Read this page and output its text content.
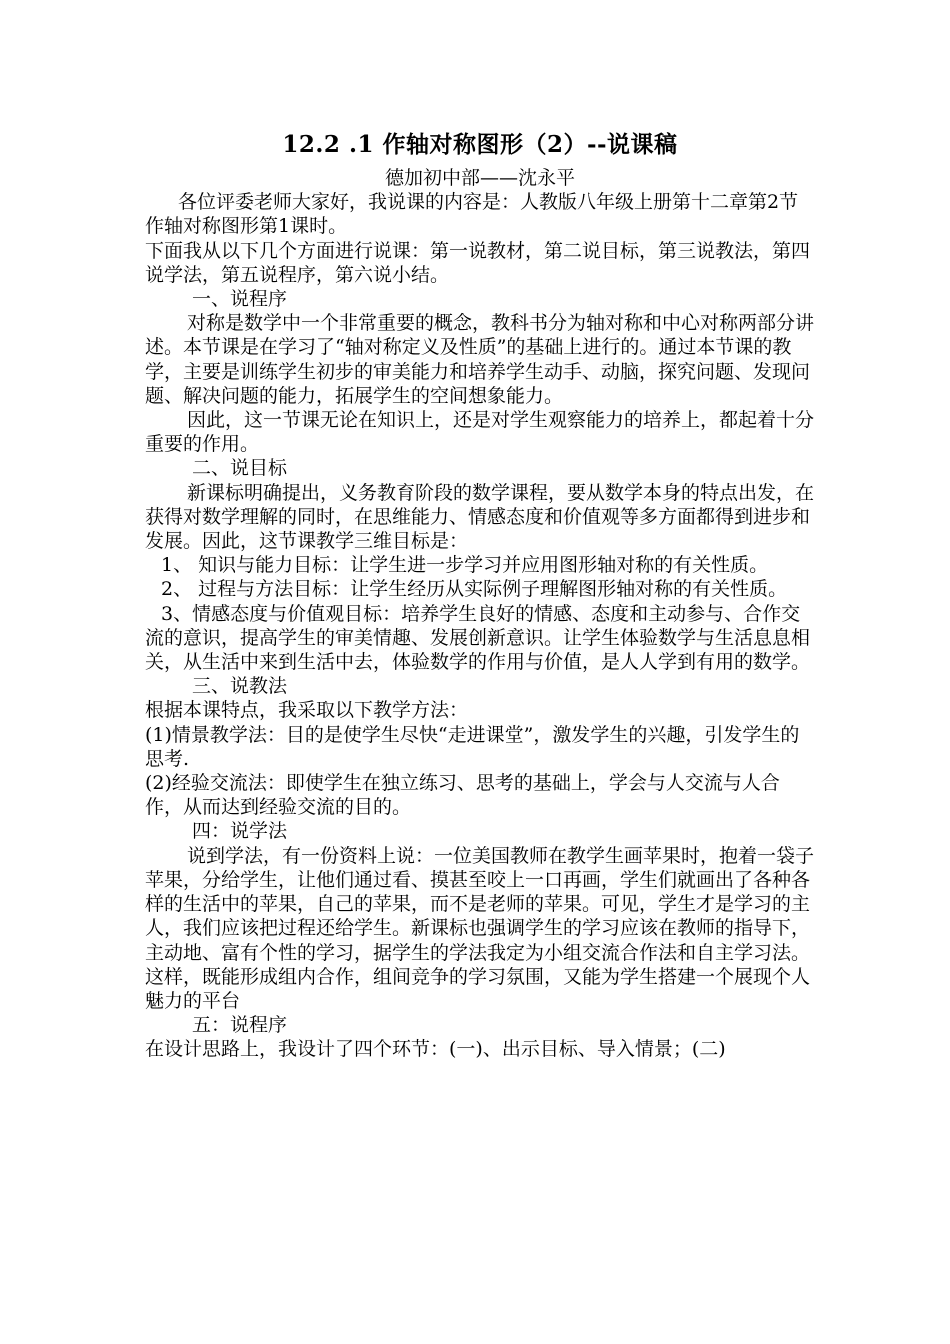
12.2 .1 作轴对称图形（2）--说课稿

德加初中部——沈永平

各位评委老师大家好，我说课的内容是：人教版八年级上册第十二章第2节作轴对称图形第1课时。

下面我从以下几个方面进行说课：第一说教材，第二说目标，第三说教法，第四说学法，第五说程序，第六说小结。

一、说程序

对称是数学中一个非常重要的概念，教科书分为轴对称和中心对称两部分讲述。本节课是在学习了“轴对称定义及性质”的基础上进行的。通过本节课的教学，主要是训练学生初步的审美能力和培养学生动手、动脑，探究问题、发现问题、解决问题的能力，拓展学生的空间想象能力。

因此，这一节课无论在知识上，还是对学生观察能力的培养上，都起着十分重要的作用。

二、说目标

新课标明确提出，义务教育阶段的数学课程，要从数学本身的特点出发，在获得对数学理解的同时，在思维能力、情感态度和价值观等多方面都得到进步和发展。因此，这节课教学三维目标是：

1、 知识与能力目标：让学生进一步学习并应用图形轴对称的有关性质。

2、 过程与方法目标：让学生经历从实际例子理解图形轴对称的有关性质。

3、情感态度与价值观目标：培养学生良好的情感、态度和主动参与、合作交流的意识，提高学生的审美情趣、发展创新意识。让学生体验数学与生活息息相关，从生活中来到生活中去，体验数学的作用与价值，是人人学到有用的数学。

三、说教法

根据本课特点，我采取以下教学方法：

(1)情景教学法：目的是使学生尽快“走进课堂”，激发学生的兴趣，引发学生的思考.

(2)经验交流法：即使学生在独立练习、思考的基础上，学会与人交流与人合作，从而达到经验交流的目的。

四：说学法

说到学法，有一份资料上说：一位美国教师在教学生画苹果时，抱着一袋子苹果，分给学生，让他们通过看、摸甚至咬上一口再画，学生们就画出了各种各样的生活中的苹果，自己的苹果，而不是老师的苹果。可见，学生才是学习的主人，我们应该把过程还给学生。新课标也强调学生的学习应该在教师的指导下，主动地、富有个性的学习，据学生的学法我定为小组交流合作法和自主学习法。这样，既能形成组内合作，组间竞争的学习氛围，又能为学生搭建一个展现个人魅力的平台

五：说程序

在设计思路上，我设计了四个环节：(一)、出示目标、导入情景；(二)
